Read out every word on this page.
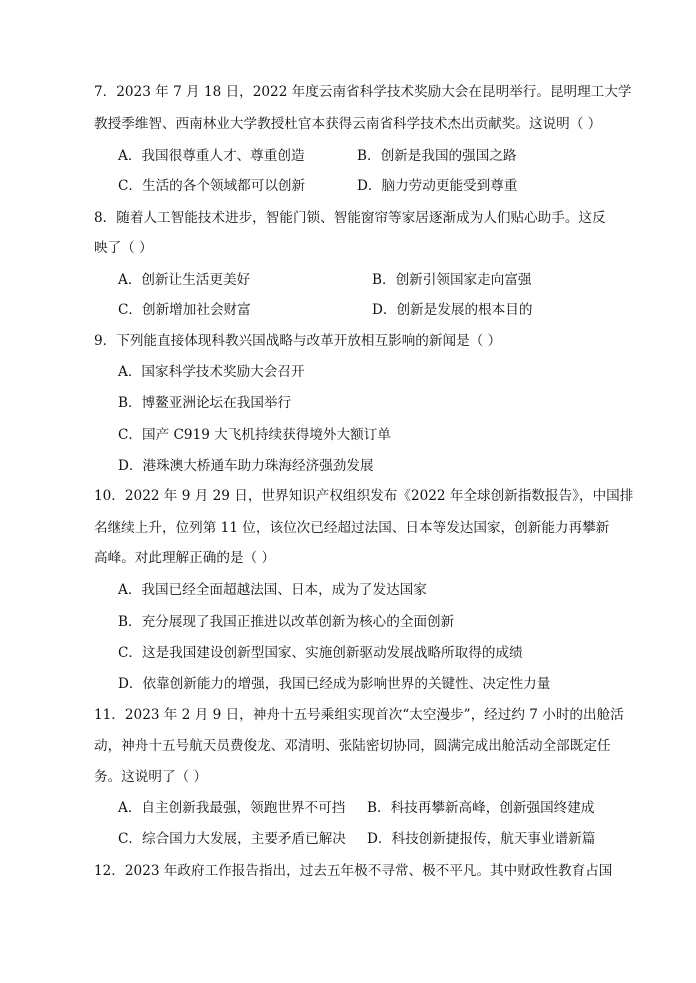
7．2023 年 7 月 18 日，2022 年度云南省科学技术奖励大会在昆明举行。昆明理工大学
教授季维智、西南林业大学教授杜官本获得云南省科学技术杰出贡献奖。这说明（ ）
A．我国很尊重人才、尊重创造	B．创新是我国的强国之路
C．生活的各个领域都可以创新	D．脑力劳动更能受到尊重
8．随着人工智能技术进步，智能门锁、智能窗帘等家居逐渐成为人们贴心助手。这反
映了（ ）
A．创新让生活更美好	B．创新引领国家走向富强
C．创新增加社会财富	D．创新是发展的根本目的
9．下列能直接体现科教兴国战略与改革开放相互影响的新闻是（ ）
A．国家科学技术奖励大会召开
B．博鳌亚洲论坛在我国举行
C．国产 C919 大飞机持续获得境外大额订单
D．港珠澳大桥通车助力珠海经济强劲发展
10．2022 年 9 月 29 日，世界知识产权组织发布《2022 年全球创新指数报告》，中国排
名继续上升，位列第 11 位，该位次已经超过法国、日本等发达国家，创新能力再攀新
高峰。对此理解正确的是（ ）
A．我国已经全面超越法国、日本，成为了发达国家
B．充分展现了我国正推进以改革创新为核心的全面创新
C．这是我国建设创新型国家、实施创新驱动发展战略所取得的成绩
D．依靠创新能力的增强，我国已经成为影响世界的关键性、决定性力量
11．2023 年 2 月 9 日，神舟十五号乘组实现首次“太空漫步”，经过约 7 小时的出舱活
动，神舟十五号航天员费俊龙、邓清明、张陆密切协同，圆满完成出舱活动全部既定任
务。这说明了（ ）
A．自主创新我最强，领跑世界不可挡 B．科技再攀新高峰，创新强国终建成
C．综合国力大发展，主要矛盾已解决 D．科技创新捷报传，航天事业谱新篇
12．2023 年政府工作报告指出，过去五年极不寻常、极不平凡。其中财政性教育占国
